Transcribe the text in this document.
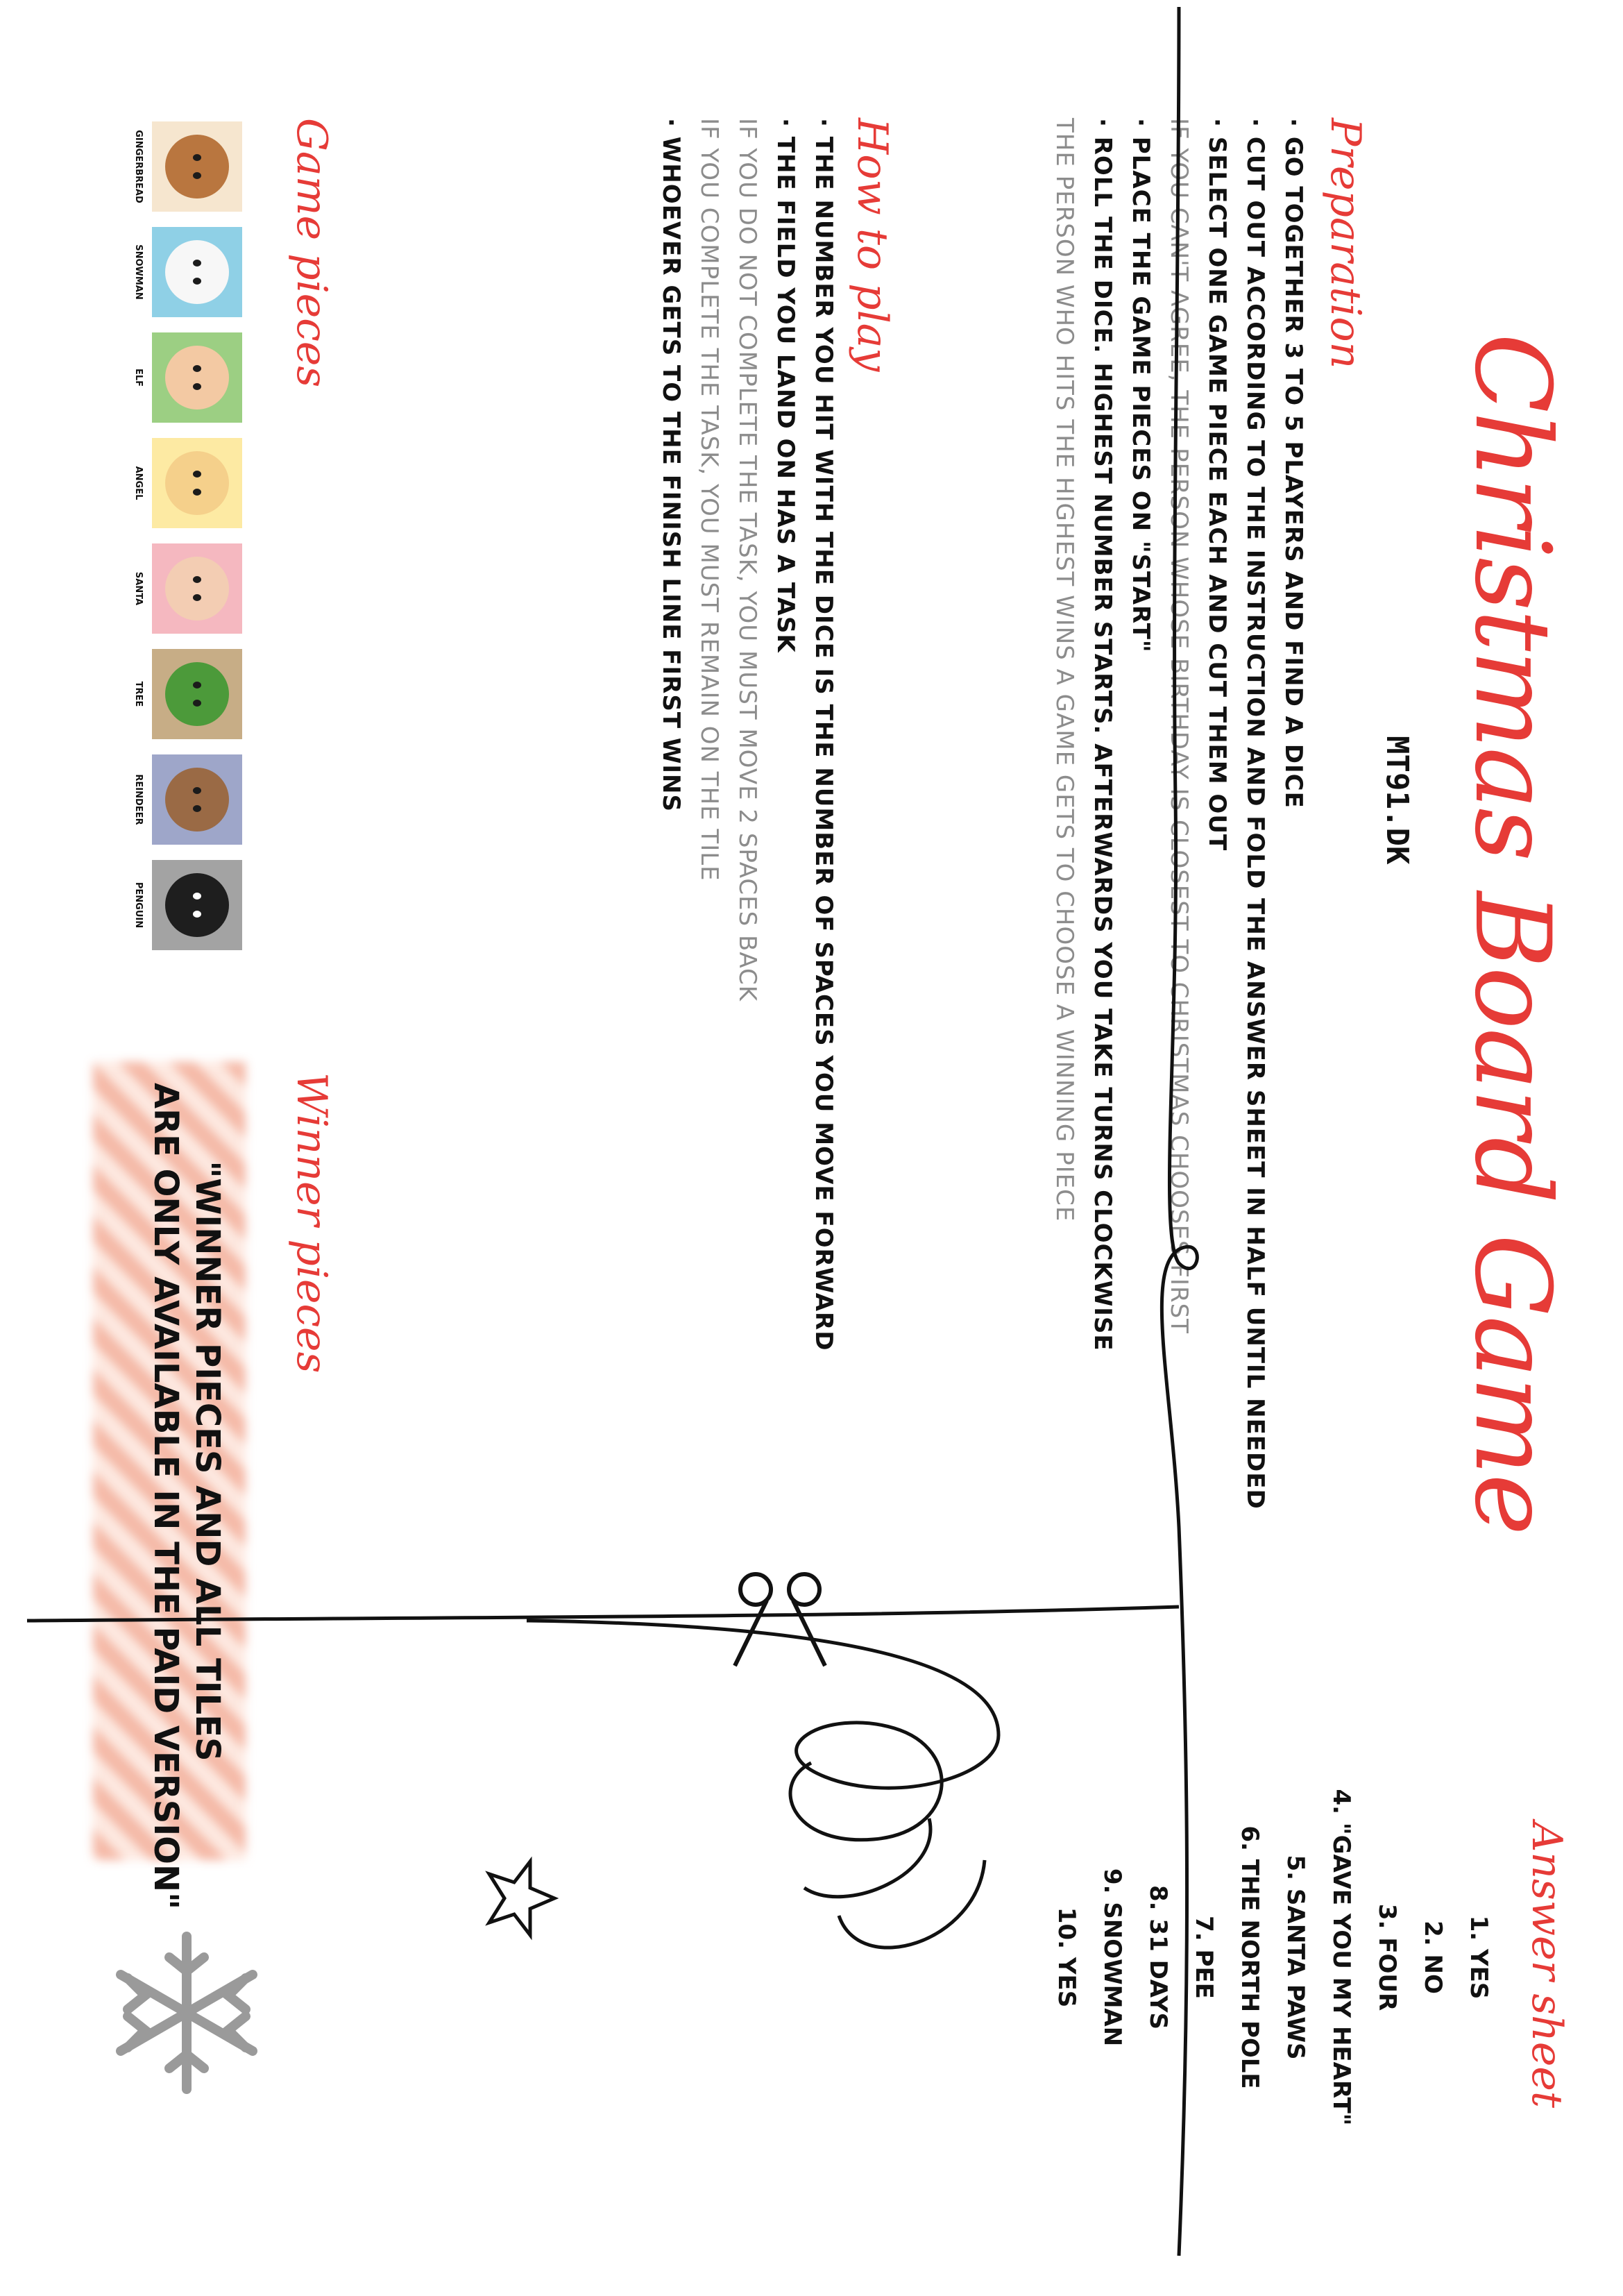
Christmas Board Game
MT91.DK
Preparation
· GO TOGETHER 3 TO 5 PLAYERS AND FIND A DICE
· CUT OUT ACCORDING TO THE INSTRUCTION AND FOLD THE ANSWER SHEET IN HALF UNTIL NEEDED
· SELECT ONE GAME PIECE EACH AND CUT THEM OUT
IF YOU CAN'T AGREE, THE PERSON WHOSE BIRTHDAY IS CLOSEST TO CHRISTMAS CHOOSES FIRST
· PLACE THE GAME PIECES ON "START"
· ROLL THE DICE. HIGHEST NUMBER STARTS. AFTERWARDS YOU TAKE TURNS CLOCKWISE
THE PERSON WHO HITS THE HIGHEST WINS A GAME GETS TO CHOOSE A WINNING PIECE
How to play
· THE NUMBER YOU HIT WITH THE DICE IS THE NUMBER OF SPACES YOU MOVE FORWARD
· THE FIELD YOU LAND ON HAS A TASK
IF YOU DO NOT COMPLETE THE TASK, YOU MUST MOVE 2 SPACES BACK
IF YOU COMPLETE THE TASK, YOU MUST REMAIN ON THE TILE
· WHOEVER GETS TO THE FINISH LINE FIRST WINS
Game pieces
GINGERBREAD
SNOWMAN
ELF
ANGEL
SANTA
TREE
REINDEER
PENGUIN
Winner pieces
"WINNER PIECES AND ALL TILES
ARE ONLY AVAILABLE IN THE PAID VERSION"
Answer sheet
1. YES
2. NO
3. FOUR
4. "GAVE YOU MY HEART"
5. SANTA PAWS
6. THE NORTH POLE
7. PEE
8. 31 DAYS
9. SNOWMAN
10. YES
